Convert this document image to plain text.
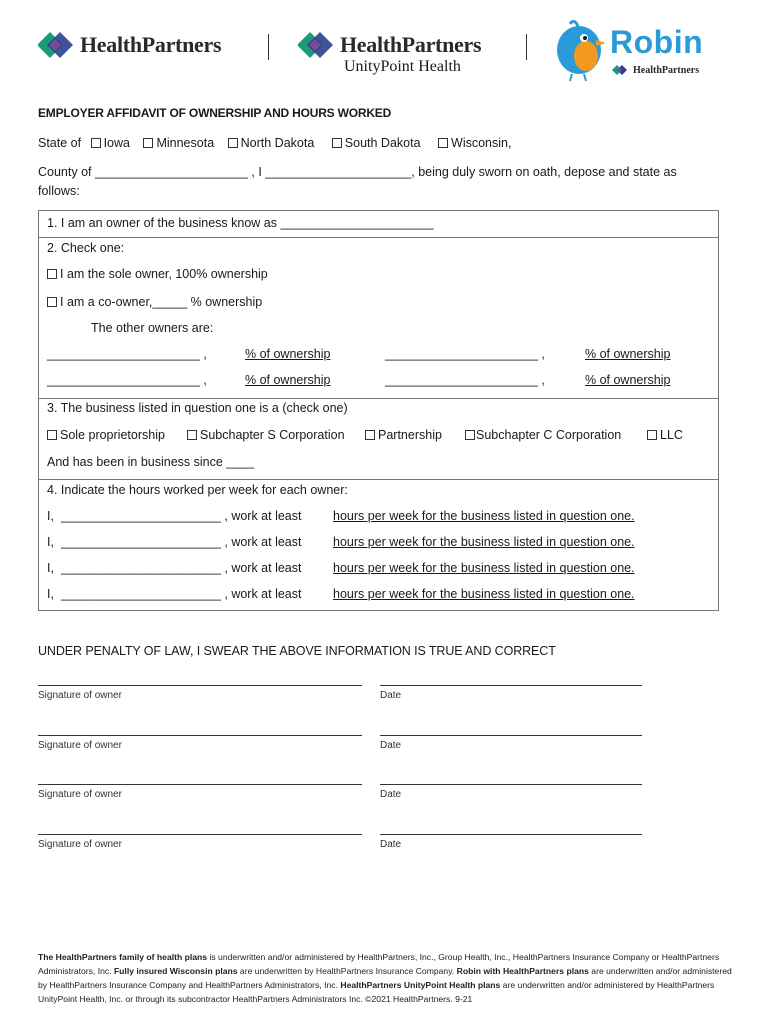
HealthPartners	HealthPartners
UnityPoint Health
Robin
HealthPartners
EMPLOYER AFFIDAVIT OF OWNERSHIP AND HOURS WORKED
State of Iowa Minnesota North Dakota South Dakota Wisconsin,
County of ______________________ , I _____________________, being duly sworn on oath, depose and state as
follows:
1. I am an owner of the business know as ______________________
2. Check one:
I am the sole owner, 100% ownership
I am a co-owner,_____ % ownership
The other owners are:
______________________ ,	% of ownership	______________________ ,	% of ownership
______________________ ,	% of ownership	______________________ ,	% of ownership
3. The business listed in question one is a (check one)
Sole proprietorship	Subchapter S Corporation	Partnership	Subchapter C Corporation	LLC
And has been in business since ____
4. Indicate the hours worked per week for each owner:
I, _______________________ , work at least	hours per week for the business listed in question one.
I, _______________________ , work at least	hours per week for the business listed in question one.
I, _______________________ , work at least	hours per week for the business listed in question one.
I, _______________________ , work at least	hours per week for the business listed in question one.
UNDER PENALTY OF LAW, I SWEAR THE ABOVE INFORMATION IS TRUE AND CORRECT
Signature of owner	Date
Signature of owner	Date
Signature of owner	Date
Signature of owner	Date
The HealthPartners family of health plans is underwritten and/or administered by HealthPartners, Inc., Group Health, Inc., HealthPartners Insurance Company or HealthPartners Administrators, Inc. Fully insured Wisconsin plans are underwritten by HealthPartners Insurance Company. Robin with HealthPartners plans are underwritten and/or administered by HealthPartners Insurance Company and HealthPartners Administrators, Inc. HealthPartners UnityPoint Health plans are underwritten and/or administered by HealthPartners UnityPoint Health, Inc. or through its subcontractor HealthPartners Administrators Inc. ©2021 HealthPartners. 9-21
